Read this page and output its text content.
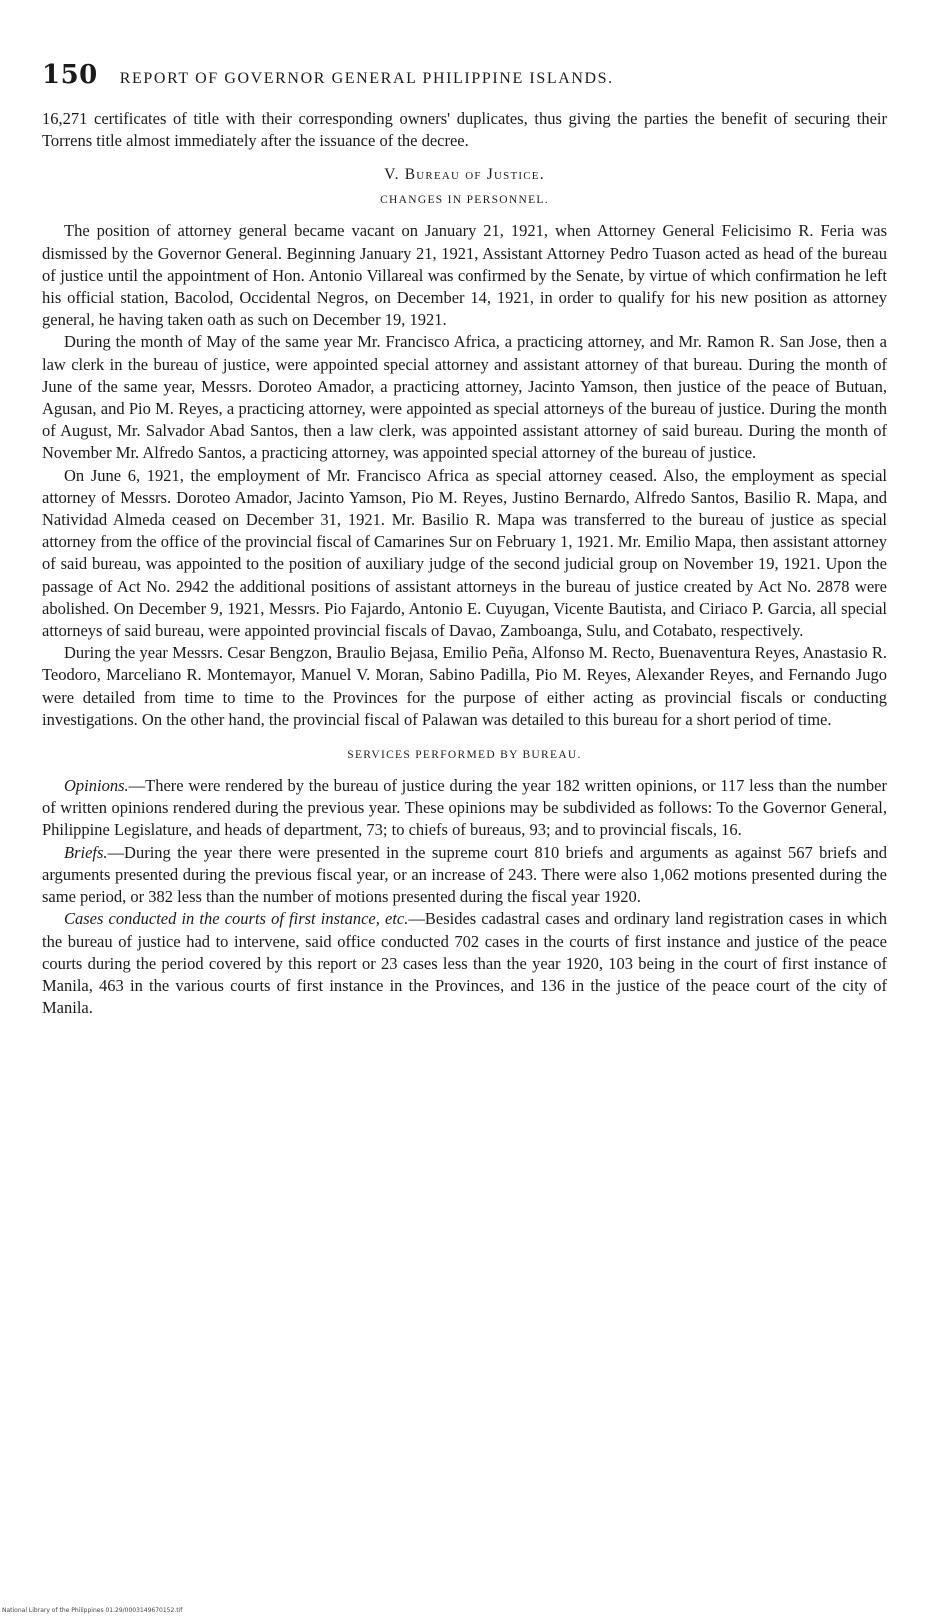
150 REPORT OF GOVERNOR GENERAL PHILIPPINE ISLANDS.

16,271 certificates of title with their corresponding owners' duplicates, thus giving the parties the benefit of securing their Torrens title almost immediately after the issuance of the decree.

V. Bureau of Justice.
CHANGES IN PERSONNEL.

The position of attorney general became vacant on January 21, 1921, when Attorney General Felicisimo R. Feria was dismissed by the Governor General. Beginning January 21, 1921, Assistant Attorney Pedro Tuason acted as head of the bureau of justice until the appointment of Hon. Antonio Villareal was confirmed by the Senate, by virtue of which confirmation he left his official station, Bacolod, Occidental Negros, on December 14, 1921, in order to qualify for his new position as attorney general, he having taken oath as such on December 19, 1921.

During the month of May of the same year Mr. Francisco Africa, a practicing attorney, and Mr. Ramon R. San Jose, then a law clerk in the bureau of justice, were appointed special attorney and assistant attorney of that bureau. During the month of June of the same year, Messrs. Doroteo Amador, a practicing attorney, Jacinto Yamson, then justice of the peace of Butuan, Agusan, and Pio M. Reyes, a practicing attorney, were appointed as special attorneys of the bureau of justice. During the month of August, Mr. Salvador Abad Santos, then a law clerk, was appointed assistant attorney of said bureau. During the month of November Mr. Alfredo Santos, a practicing attorney, was appointed special attorney of the bureau of justice.

On June 6, 1921, the employment of Mr. Francisco Africa as special attorney ceased. Also, the employment as special attorney of Messrs. Doroteo Amador, Jacinto Yamson, Pio M. Reyes, Justino Bernardo, Alfredo Santos, Basilio R. Mapa, and Natividad Almeda ceased on December 31, 1921. Mr. Basilio R. Mapa was transferred to the bureau of justice as special attorney from the office of the provincial fiscal of Camarines Sur on February 1, 1921. Mr. Emilio Mapa, then assistant attorney of said bureau, was appointed to the position of auxiliary judge of the second judicial group on November 19, 1921. Upon the passage of Act No. 2942 the additional positions of assistant attorneys in the bureau of justice created by Act No. 2878 were abolished. On December 9, 1921, Messrs. Pio Fajardo, Antonio E. Cuyugan, Vicente Bautista, and Ciriaco P. Garcia, all special attorneys of said bureau, were appointed provincial fiscals of Davao, Zamboanga, Sulu, and Cotabato, respectively.

During the year Messrs. Cesar Bengzon, Braulio Bejasa, Emilio Peña, Alfonso M. Recto, Buenaventura Reyes, Anastasio R. Teodoro, Marceliano R. Montemayor, Manuel V. Moran, Sabino Padilla, Pio M. Reyes, Alexander Reyes, and Fernando Jugo were detailed from time to time to the Provinces for the purpose of either acting as provincial fiscals or conducting investigations. On the other hand, the provincial fiscal of Palawan was detailed to this bureau for a short period of time.

SERVICES PERFORMED BY BUREAU.

Opinions.—There were rendered by the bureau of justice during the year 182 written opinions, or 117 less than the number of written opinions rendered during the previous year. These opinions may be subdivided as follows: To the Governor General, Philippine Legislature, and heads of department, 73; to chiefs of bureaus, 93; and to provincial fiscals, 16.

Briefs.—During the year there were presented in the supreme court 810 briefs and arguments as against 567 briefs and arguments presented during the previous fiscal year, or an increase of 243. There were also 1,062 motions presented during the same period, or 382 less than the number of motions presented during the fiscal year 1920.

Cases conducted in the courts of first instance, etc.—Besides cadastral cases and ordinary land registration cases in which the bureau of justice had to intervene, said office conducted 702 cases in the courts of first instance and justice of the peace courts during the period covered by this report or 23 cases less than the year 1920, 103 being in the court of first instance of Manila, 463 in the various courts of first instance in the Provinces, and 136 in the justice of the peace court of the city of Manila.

National Library of the Philippines 01.29/0003149670152.tif
